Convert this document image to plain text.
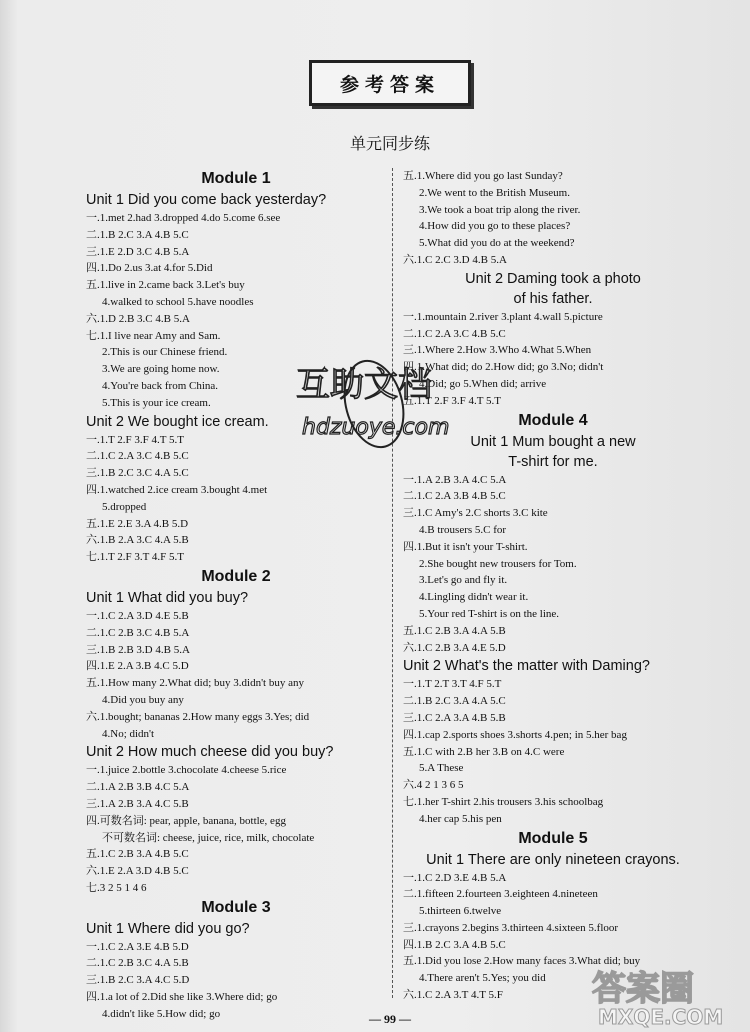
参考答案
单元同步练
Module 1
Unit 1 Did you come back yesterday?
一.1.met 2.had 3.dropped 4.do 5.come 6.see
二.1.B 2.C 3.A 4.B 5.C
三.1.E 2.D 3.C 4.B 5.A
四.1.Do 2.us 3.at 4.for 5.Did
五.1.live in 2.came back 3.Let's buy
4.walked to school 5.have noodles
六.1.D 2.B 3.C 4.B 5.A
七.1.I live near Amy and Sam.
2.This is our Chinese friend.
3.We are going home now.
4.You're back from China.
5.This is your ice cream.
Unit 2 We bought ice cream.
一.1.T 2.F 3.F 4.T 5.T
二.1.C 2.A 3.C 4.B 5.C
三.1.B 2.C 3.C 4.A 5.C
四.1.watched 2.ice cream 3.bought 4.met
5.dropped
五.1.E 2.E 3.A 4.B 5.D
六.1.B 2.A 3.C 4.A 5.B
七.1.T 2.F 3.T 4.F 5.T
Module 2
Unit 1 What did you buy?
一.1.C 2.A 3.D 4.E 5.B
二.1.C 2.B 3.C 4.B 5.A
三.1.B 2.B 3.D 4.B 5.A
四.1.E 2.A 3.B 4.C 5.D
五.1.How many 2.What did; buy 3.didn't buy any
4.Did you buy any
六.1.bought; bananas 2.How many eggs 3.Yes; did
4.No; didn't
Unit 2 How much cheese did you buy?
一.1.juice 2.bottle 3.chocolate 4.cheese 5.rice
二.1.A 2.B 3.B 4.C 5.A
三.1.A 2.B 3.A 4.C 5.B
四.可数名词: pear, apple, banana, bottle, egg
不可数名词: cheese, juice, rice, milk, chocolate
五.1.C 2.B 3.A 4.B 5.C
六.1.E 2.A 3.D 4.B 5.C
七.3 2 5 1 4 6
Module 3
Unit 1 Where did you go?
一.1.C 2.A 3.E 4.B 5.D
二.1.C 2.B 3.C 4.A 5.B
三.1.B 2.C 3.A 4.C 5.D
四.1.a lot of 2.Did she like 3.Where did; go
4.didn't like 5.How did; go
五.1.Where did you go last Sunday?
2.We went to the British Museum.
3.We took a boat trip along the river.
4.How did you go to these places?
5.What did you do at the weekend?
六.1.C 2.C 3.D 4.B 5.A
Unit 2 Daming took a photo
of his father.
一.1.mountain 2.river 3.plant 4.wall 5.picture
二.1.C 2.A 3.C 4.B 5.C
三.1.Where 2.How 3.Who 4.What 5.When
四.1.What did; do 2.How did; go 3.No; didn't
4.Did; go 5.When did; arrive
五.1.T 2.F 3.F 4.T 5.T
Module 4
Unit 1 Mum bought a new
T-shirt for me.
一.1.A 2.B 3.A 4.C 5.A
二.1.C 2.A 3.B 4.B 5.C
三.1.C Amy's 2.C shorts 3.C kite
4.B trousers 5.C for
四.1.But it isn't your T-shirt.
2.She bought new trousers for Tom.
3.Let's go and fly it.
4.Lingling didn't wear it.
5.Your red T-shirt is on the line.
五.1.C 2.B 3.A 4.A 5.B
六.1.C 2.B 3.A 4.E 5.D
Unit 2 What's the matter with Daming?
一.1.T 2.T 3.T 4.F 5.T
二.1.B 2.C 3.A 4.A 5.C
三.1.C 2.A 3.A 4.B 5.B
四.1.cap 2.sports shoes 3.shorts 4.pen; in 5.her bag
五.1.C with 2.B her 3.B on 4.C were
5.A These
六.4 2 1 3 6 5
七.1.her T-shirt 2.his trousers 3.his schoolbag
4.her cap 5.his pen
Module 5
Unit 1 There are only nineteen crayons.
一.1.C 2.D 3.E 4.B 5.A
二.1.fifteen 2.fourteen 3.eighteen 4.nineteen
5.thirteen 6.twelve
三.1.crayons 2.begins 3.thirteen 4.sixteen 5.floor
四.1.B 2.C 3.A 4.B 5.C
五.1.Did you lose 2.How many faces 3.What did; buy
4.There aren't 5.Yes; you did
六.1.C 2.A 3.T 4.T 5.F
互助文档
hdzuoye.com
答案圈
MXQE.COM
— 99 —
